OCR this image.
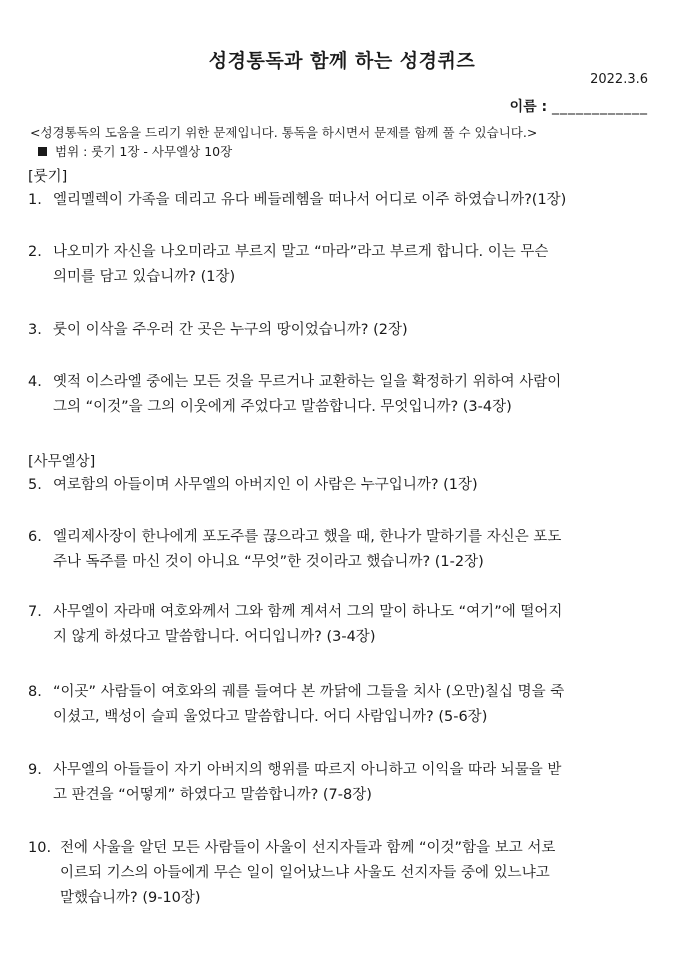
성경통독과 함께 하는 성경퀴즈
2022.3.6
이름 : ____________
<성경통독의 도움을 드리기 위한 문제입니다. 통독을 하시면서 문제를 함께 풀 수 있습니다.>
범위 : 룻기 1장 - 사무엘상 10장
[룻기]
1. 엘리멜렉이 가족을 데리고 유다 베들레헴을 떠나서 어디로 이주 하였습니까?(1장)
2. 나오미가 자신을 나오미라고 부르지 말고 “마라”라고 부르게 합니다. 이는 무슨
의미를 담고 있습니까? (1장)
3. 룻이 이삭을 주우러 간 곳은 누구의 땅이었습니까? (2장)
4. 옛적 이스라엘 중에는 모든 것을 무르거나 교환하는 일을 확정하기 위하여 사람이
그의 “이것”을 그의 이웃에게 주었다고 말씀합니다. 무엇입니까? (3-4장)
[사무엘상]
5. 여로함의 아들이며 사무엘의 아버지인 이 사람은 누구입니까? (1장)
6. 엘리제사장이 한나에게 포도주를 끊으라고 했을 때, 한나가 말하기를 자신은 포도
주나 독주를 마신 것이 아니요 “무엇”한 것이라고 했습니까? (1-2장)
7. 사무엘이 자라매 여호와께서 그와 함께 계셔서 그의 말이 하나도 “여기”에 떨어지
지 않게 하셨다고 말씀합니다. 어디입니까? (3-4장)
8. “이곳” 사람들이 여호와의 궤를 들여다 본 까닭에 그들을 치사 (오만)칠십 명을 죽
이셨고, 백성이 슬피 울었다고 말씀합니다. 어디 사람입니까? (5-6장)
9. 사무엘의 아들들이 자기 아버지의 행위를 따르지 아니하고 이익을 따라 뇌물을 받
고 판견을 “어떻게” 하였다고 말씀합니까? (7-8장)
10. 전에 사울을 알던 모든 사람들이 사울이 선지자들과 함께 “이것”함을 보고 서로
이르되 기스의 아들에게 무슨 일이 일어났느냐 사울도 선지자들 중에 있느냐고
말했습니까? (9-10장)
